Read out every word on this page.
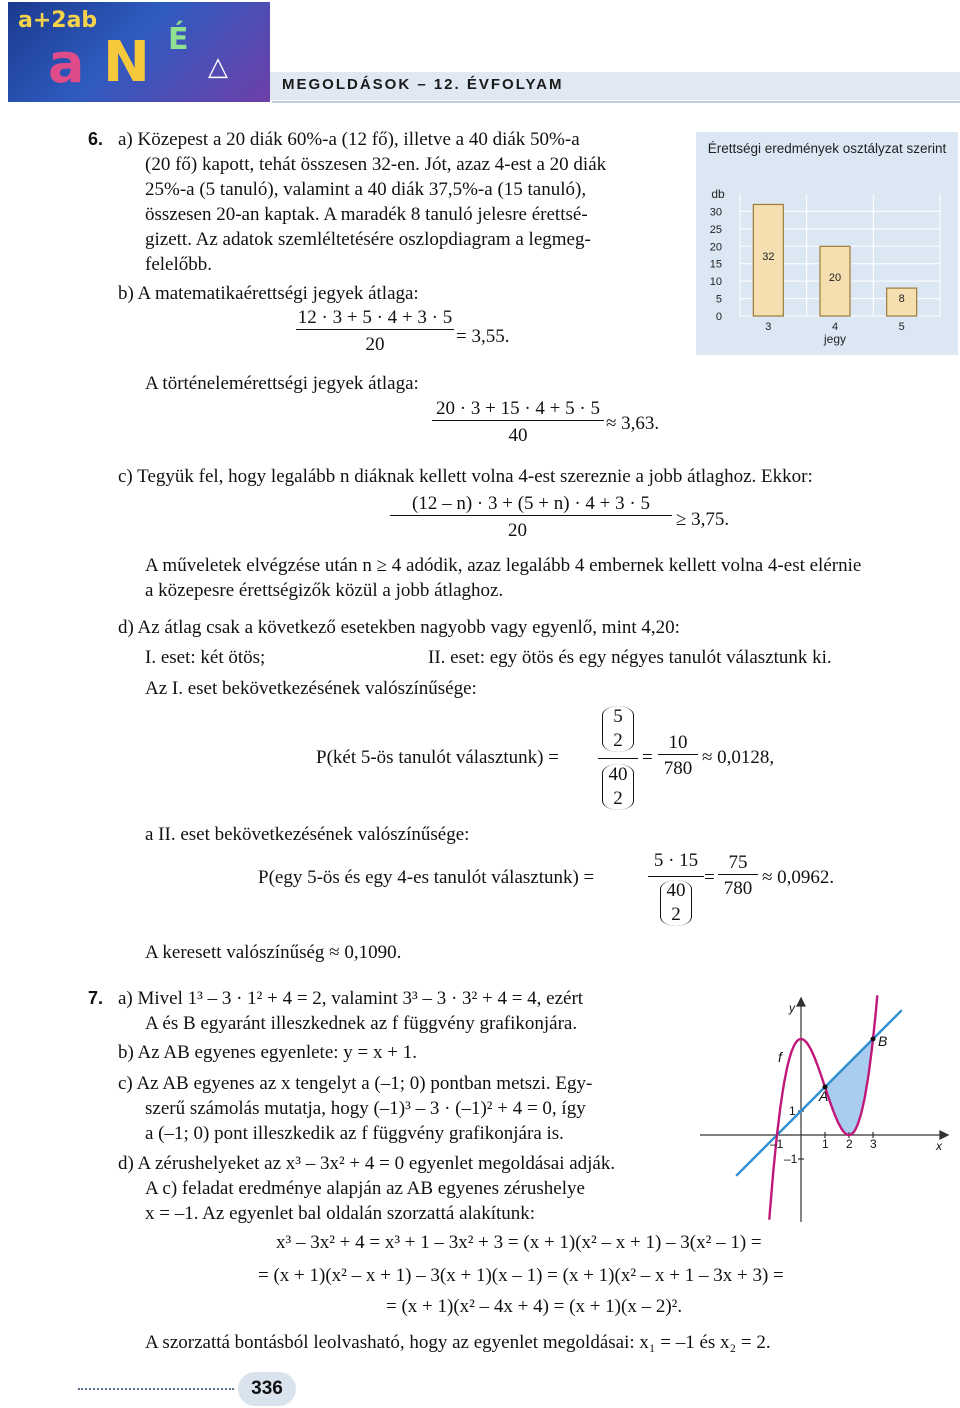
a+2ab
a N É
△
MEGOLDÁSOK – 12. ÉVFOLYAM
6. a) Közepest a 20 diák 60%-a (12 fő), illetve a 40 diák 50%-a
(20 fő) kapott, tehát összesen 32-en. Jót, azaz 4-est a 20 diák
25%-a (5 tanuló), valamint a 40 diák 37,5%-a (15 tanuló),
összesen 20-an kaptak. A maradék 8 tanuló jelesre érettsé-
gizett. Az adatok szemléltetésére oszlopdiagram a legmeg-
felelőbb.
b) A matematikaérettségi jegyek átlaga:
$\frac{12 \cdot 3 + 5 \cdot 4 + 3 \cdot 5}{20} = 3,55$.
A történelemérettségi jegyek átlaga:
$\frac{20 \cdot 3 + 15 \cdot 4 + 5 \cdot 5}{40} \approx 3,63$.
c) Tegyük fel, hogy legalább n diáknak kellett volna 4-est szereznie a jobb átlaghoz. Ekkor:
$\frac{(12 - n) \cdot 3 + (5 + n) \cdot 4 + 3 \cdot 5}{20} \ge 3,75$.
A műveletek elvégzése után n ≥ 4 adódik, azaz legalább 4 embernek kellett volna 4-est elérnie
a közepesre érettségizők közül a jobb átlaghoz.
d) Az átlag csak a következő esetekben nagyobb vagy egyenlő, mint 4,20:
I. eset: két ötös;	II. eset: egy ötös és egy négyes tanulót választunk ki.
Az I. eset bekövetkezésének valószínűsége:
P(két 5-ös tanulót választunk) =
5
2
40
2
= $\frac{10}{780} \approx 0,0128$,
a II. eset bekövetkezésének valószínűsége:
P(egy 5-ös és egy 4-es tanulót választunk) =
5 · 15
40
2
= $\frac{75}{780} \approx 0,0962$.
A keresett valószínűség ≈ 0,1090.
Érettségi eredmények osztályzat szerint
0
5
10
15
20
25
30
32
20
8
3	4	5
db
jegy
7. a) Mivel 1³ – 3 · 1² + 4 = 2, valamint 3³ – 3 · 3² + 4 = 4, ezért
A és B egyaránt illeszkednek az f függvény grafikonjára.
b) Az AB egyenes egyenlete: y = x + 1.
c) Az AB egyenes az x tengelyt a (–1; 0) pontban metszi. Egy-
szerű számolás mutatja, hogy (–1)³ – 3 · (–1)² + 4 = 0, így
a (–1; 0) pont illeszkedik az f függvény grafikonjára is.
d) A zérushelyeket az x³ – 3x² + 4 = 0 egyenlet megoldásai adják.
A c) feladat eredménye alapján az AB egyenes zérushelye
x = –1. Az egyenlet bal oldalán szorzattá alakítunk:
x³ – 3x² + 4 = x³ + 1 – 3x² + 3 = (x + 1)(x² – x + 1) – 3(x² – 1) =
= (x + 1)(x² – x + 1) – 3(x + 1)(x – 1) = (x + 1)(x² – x + 1 – 3x + 3) =
= (x + 1)(x² – 4x + 4) = (x + 1)(x – 2)².
A szorzattá bontásból leolvasható, hogy az egyenlet megoldásai: x₁ = –1 és x₂ = 2.
–1	1 2 3
1
–1
y
x
f
A
B
336
